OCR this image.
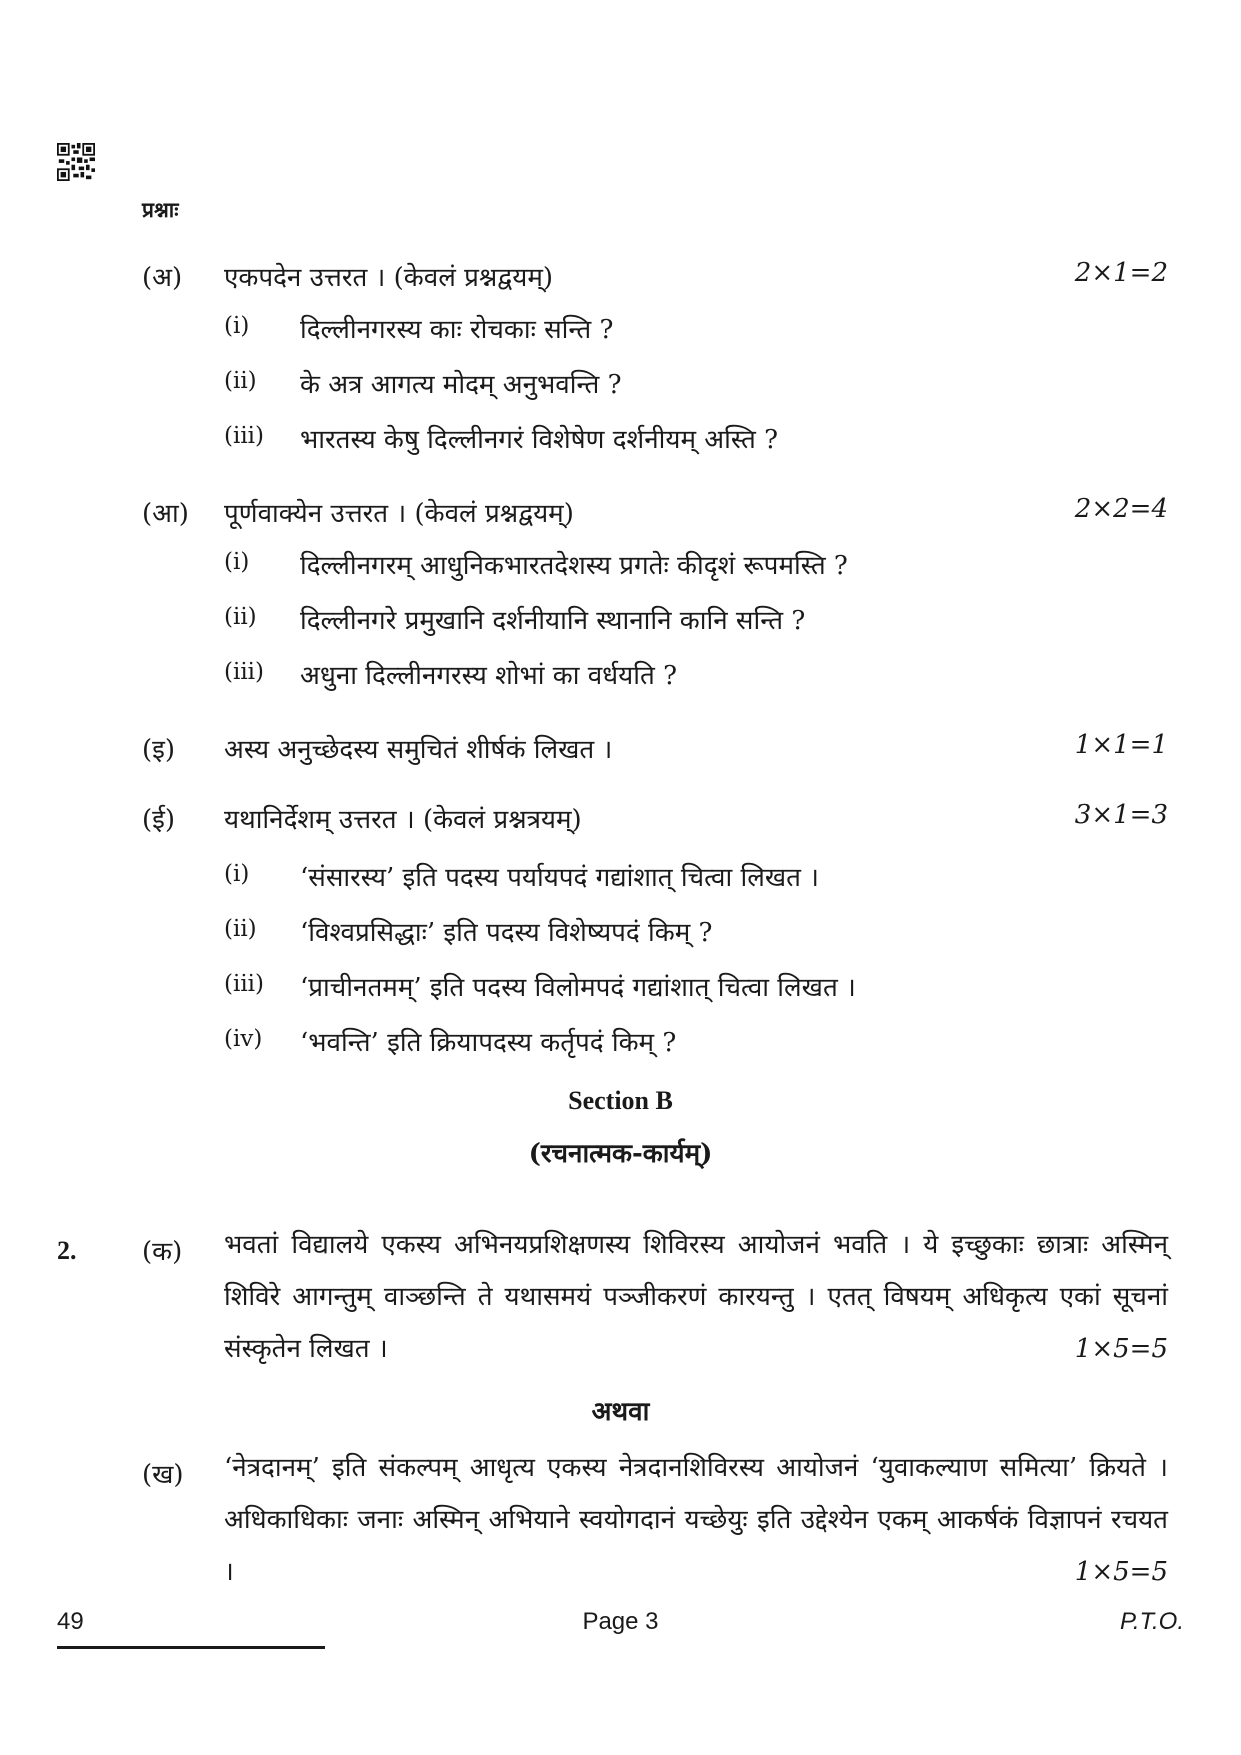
प्रश्नाः
(अ) एकपदेन उत्तरत । (केवलं प्रश्नद्वयम्)	2×1=2
(i) दिल्लीनगरस्य काः रोचकाः सन्ति ?
(ii) के अत्र आगत्य मोदम् अनुभवन्ति ?
(iii) भारतस्य केषु दिल्लीनगरं विशेषेण दर्शनीयम् अस्ति ?
(आ) पूर्णवाक्येन उत्तरत । (केवलं प्रश्नद्वयम्)	2×2=4
(i) दिल्लीनगरम् आधुनिकभारतदेशस्य प्रगतेः कीदृशं रूपमस्ति ?
(ii) दिल्लीनगरे प्रमुखानि दर्शनीयानि स्थानानि कानि सन्ति ?
(iii) अधुना दिल्लीनगरस्य शोभां का वर्धयति ?
(इ) अस्य अनुच्छेदस्य समुचितं शीर्षकं लिखत ।	1×1=1
(ई) यथानिर्देशम् उत्तरत । (केवलं प्रश्नत्रयम्)	3×1=3
(i) ‘संसारस्य’ इति पदस्य पर्यायपदं गद्यांशात् चित्वा लिखत ।
(ii) ‘विश्वप्रसिद्धाः’ इति पदस्य विशेष्यपदं किम् ?
(iii) ‘प्राचीनतमम्’ इति पदस्य विलोमपदं गद्यांशात् चित्वा लिखत ।
(iv) ‘भवन्ति’ इति क्रियापदस्य कर्तृपदं किम् ?
Section B
(रचनात्मक-कार्यम्)
2.	(क) भवतां विद्यालये एकस्य अभिनयप्रशिक्षणस्य शिविरस्य आयोजनं भवति । ये इच्छुकाः छात्राः अस्मिन् शिविरे आगन्तुम् वाञ्छन्ति ते यथासमयं पञ्जीकरणं कारयन्तु । एतत् विषयम् अधिकृत्य एकां सूचनां संस्कृतेन लिखत ।	1×5=5
अथवा
(ख) ‘नेत्रदानम्’ इति संकल्पम् आधृत्य एकस्य नेत्रदानशिविरस्य आयोजनं ‘युवाकल्याण समित्या’ क्रियते । अधिकाधिकाः जनाः अस्मिन् अभियाने स्वयोगदानं यच्छेयुः इति उद्देश्येन एकम् आकर्षकं विज्ञापनं रचयत ।	1×5=5
49	Page 3	P.T.O.
